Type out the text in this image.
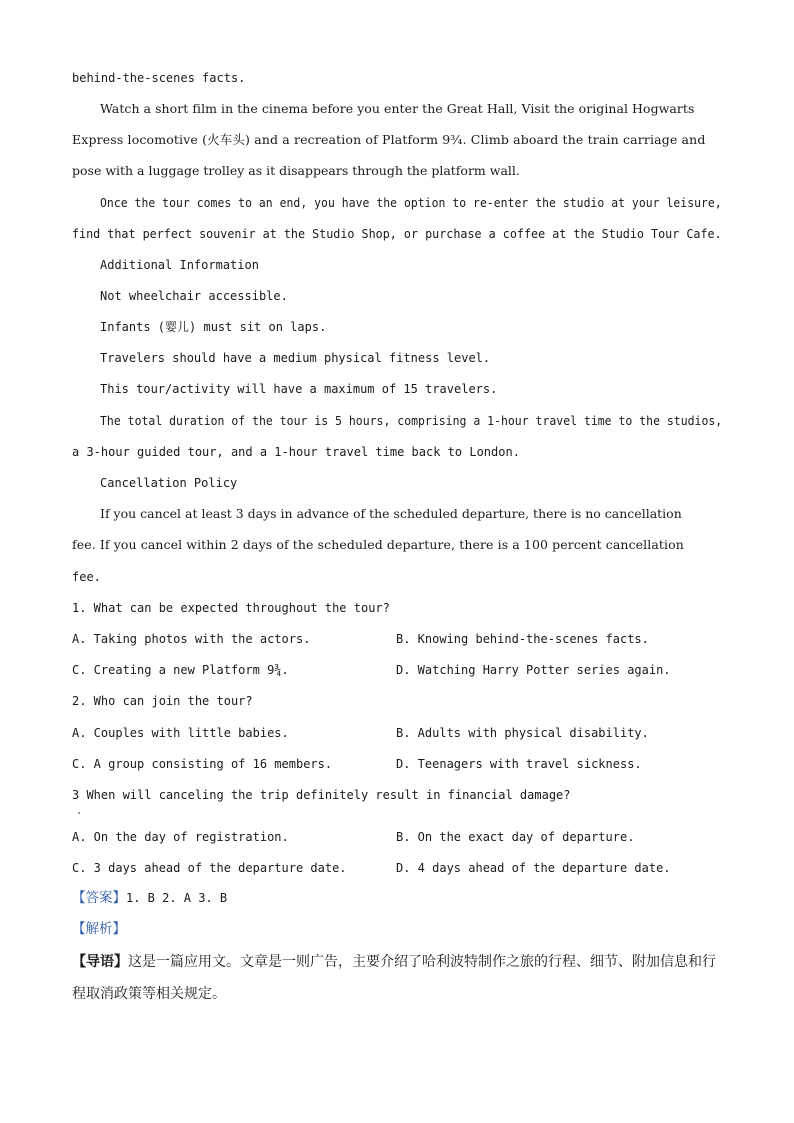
behind-the-scenes facts.
Watch a short film in the cinema before you enter the Great Hall, Visit the original Hogwarts
Express locomotive (火车头) and a recreation of Platform 9¾. Climb aboard the train carriage and
pose with a luggage trolley as it disappears through the platform wall.
Once the tour comes to an end, you have the option to re-enter the studio at your leisure,
find that perfect souvenir at the Studio Shop, or purchase a coffee at the Studio Tour Cafe.
Additional Information
Not wheelchair accessible.
Infants (婴儿) must sit on laps.
Travelers should have a medium physical fitness level.
This tour/activity will have a maximum of 15 travelers.
The total duration of the tour is 5 hours, comprising a 1-hour travel time to the studios,
a 3-hour guided tour, and a 1-hour travel time back to London.
Cancellation Policy
If you cancel at least 3 days in advance of the scheduled departure, there is no cancellation
fee. If you cancel within 2 days of the scheduled departure, there is a 100 percent cancellation
fee.
1. What can be expected throughout the tour?
A. Taking photos with the actors.	B. Knowing behind-the-scenes facts.
C. Creating a new Platform 9¾.	D. Watching Harry Potter series again.
2. Who can join the tour?
A. Couples with little babies.	B. Adults with physical disability.
C. A group consisting of 16 members.	D. Teenagers with travel sickness.
3 When will canceling the trip definitely result in financial damage?
A. On the day of registration.	B. On the exact day of departure.
C. 3 days ahead of the departure date.	D. 4 days ahead of the departure date.
【答案】1. B 2. A 3. B
【解析】
【导语】这是一篇应用文。文章是一则广告，主要介绍了哈利波特制作之旅的行程、细节、附加信息和行
程取消政策等相关规定。
